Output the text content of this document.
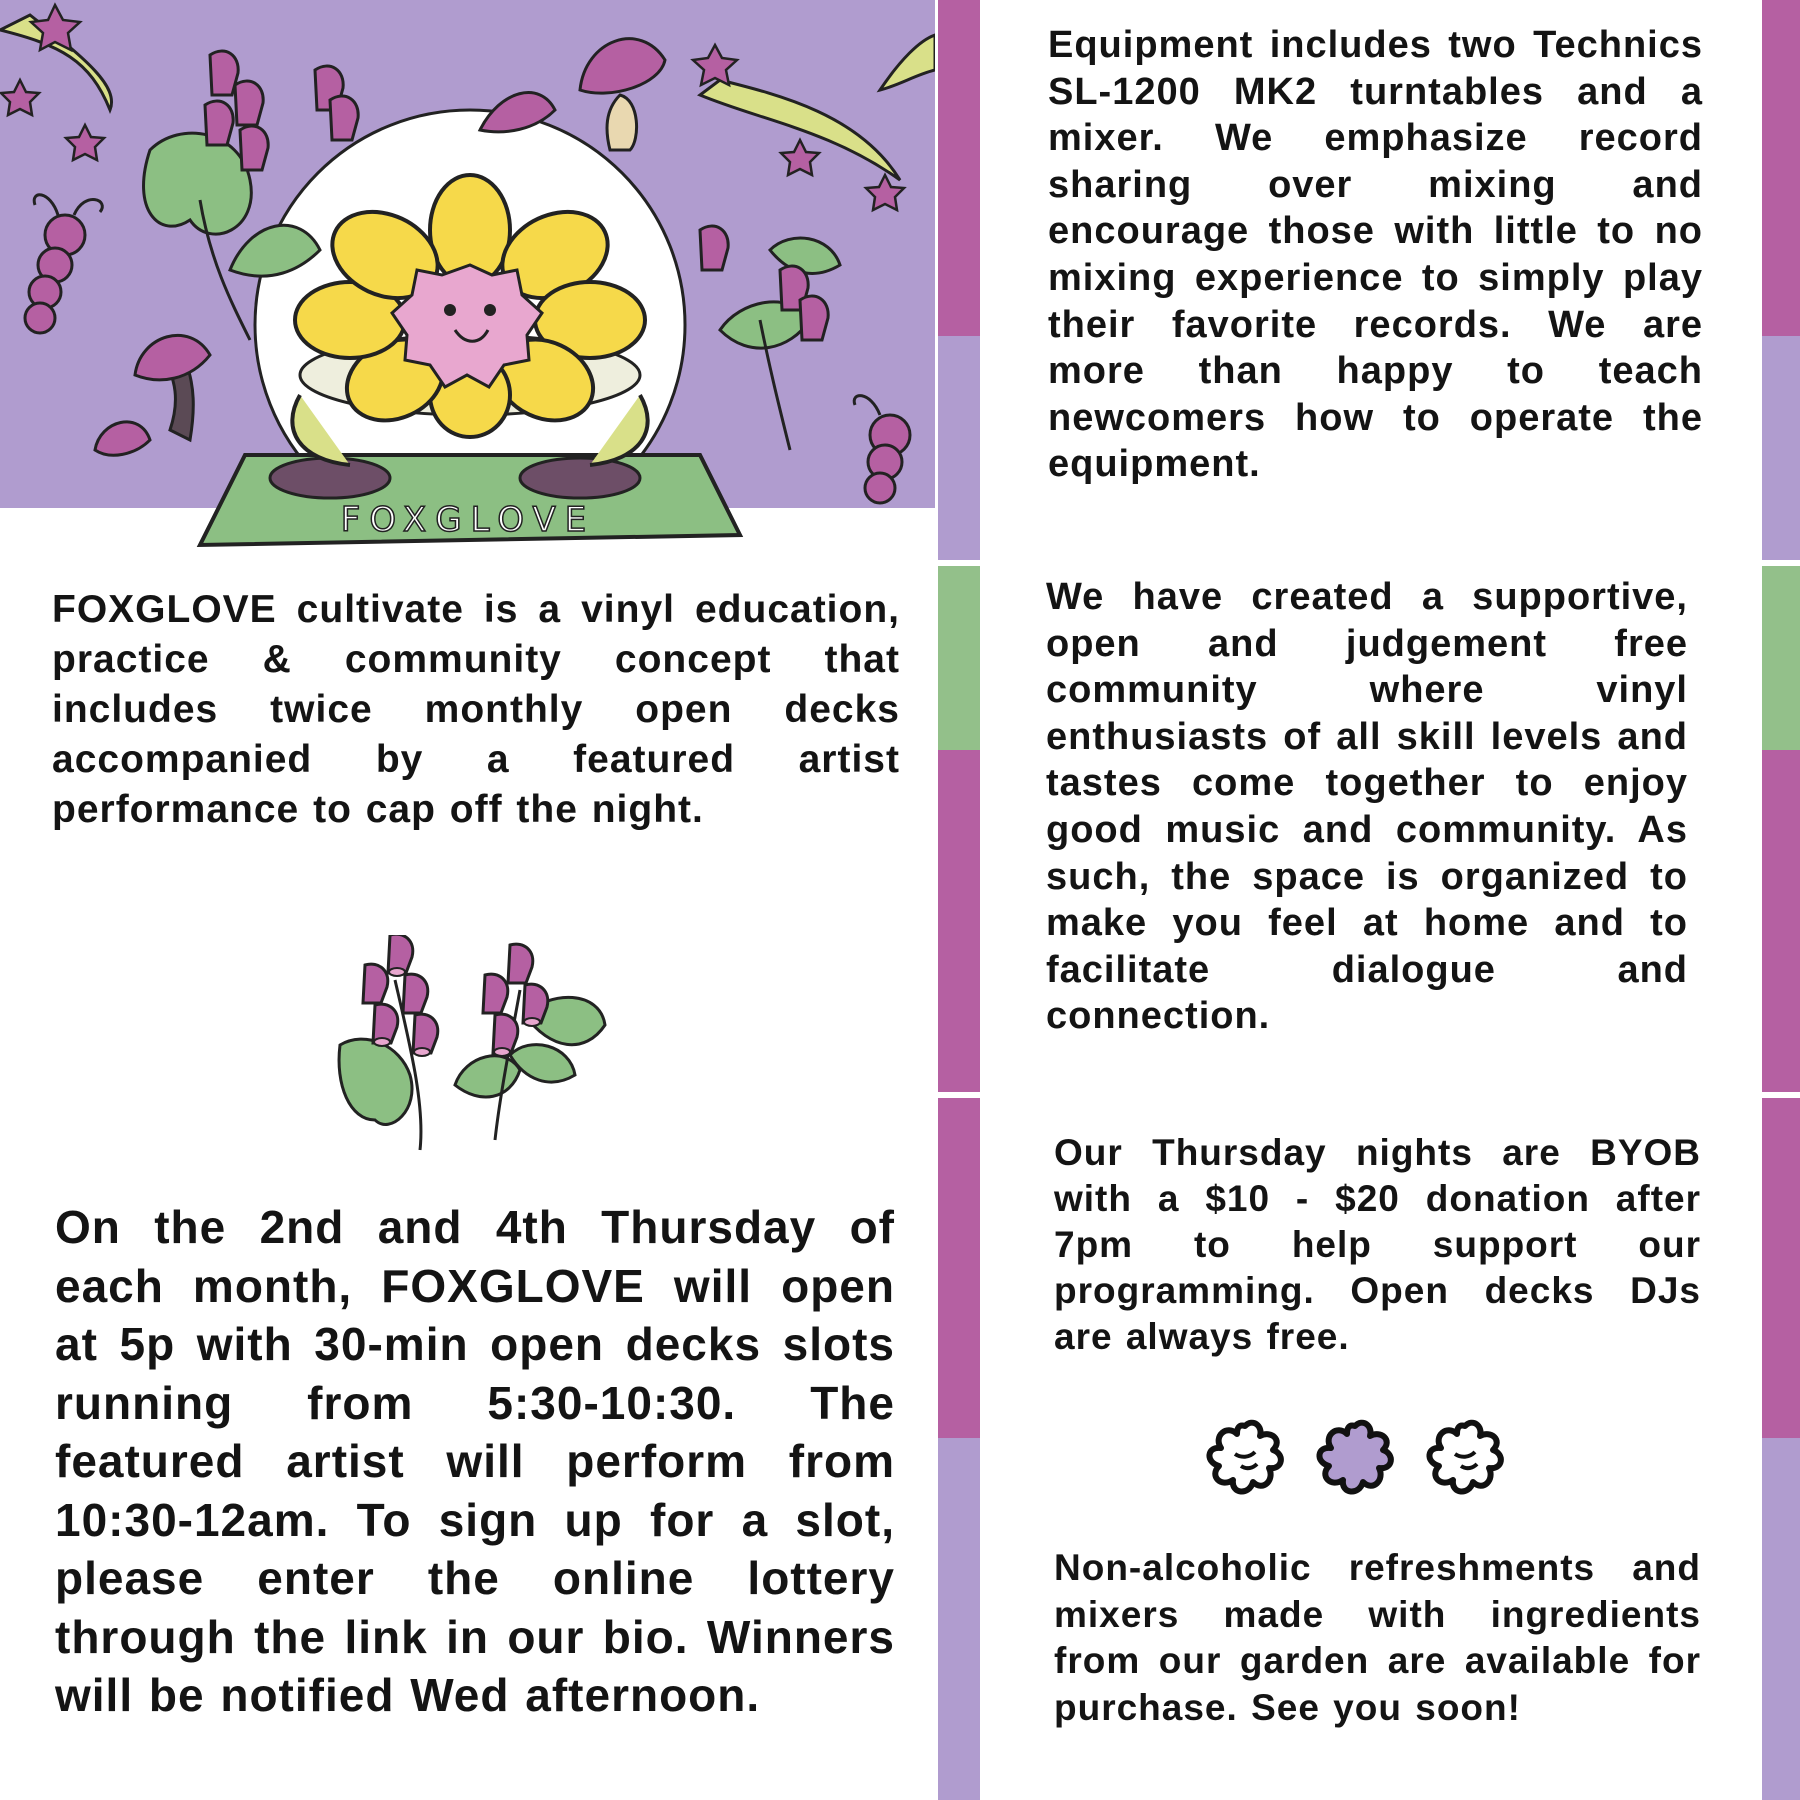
FOXGLOVE

FOXGLOVE cultivate is a vinyl education, practice & community concept that includes twice monthly open decks accompanied by a featured artist performance to cap off the night.

On the 2nd and 4th Thursday of each month, FOXGLOVE will open at 5p with 30-min open decks slots running from 5:30-10:30. The featured artist will perform from 10:30-12am. To sign up for a slot, please enter the online lottery through the link in our bio. Winners will be notified Wed afternoon.

Equipment includes two Technics SL-1200 MK2 turntables and a mixer. We emphasize record sharing over mixing and encourage those with little to no mixing experience to simply play their favorite records. We are more than happy to teach newcomers how to operate the equipment.

We have created a supportive, open and judgement free community where vinyl enthusiasts of all skill levels and tastes come together to enjoy good music and community. As such, the space is organized to make you feel at home and to facilitate dialogue and connection.

Our Thursday nights are BYOB with a $10 - $20 donation after 7pm to help support our programming. Open decks DJs are always free.

Non-alcoholic refreshments and mixers made with ingredients from our garden are available for purchase. See you soon!
